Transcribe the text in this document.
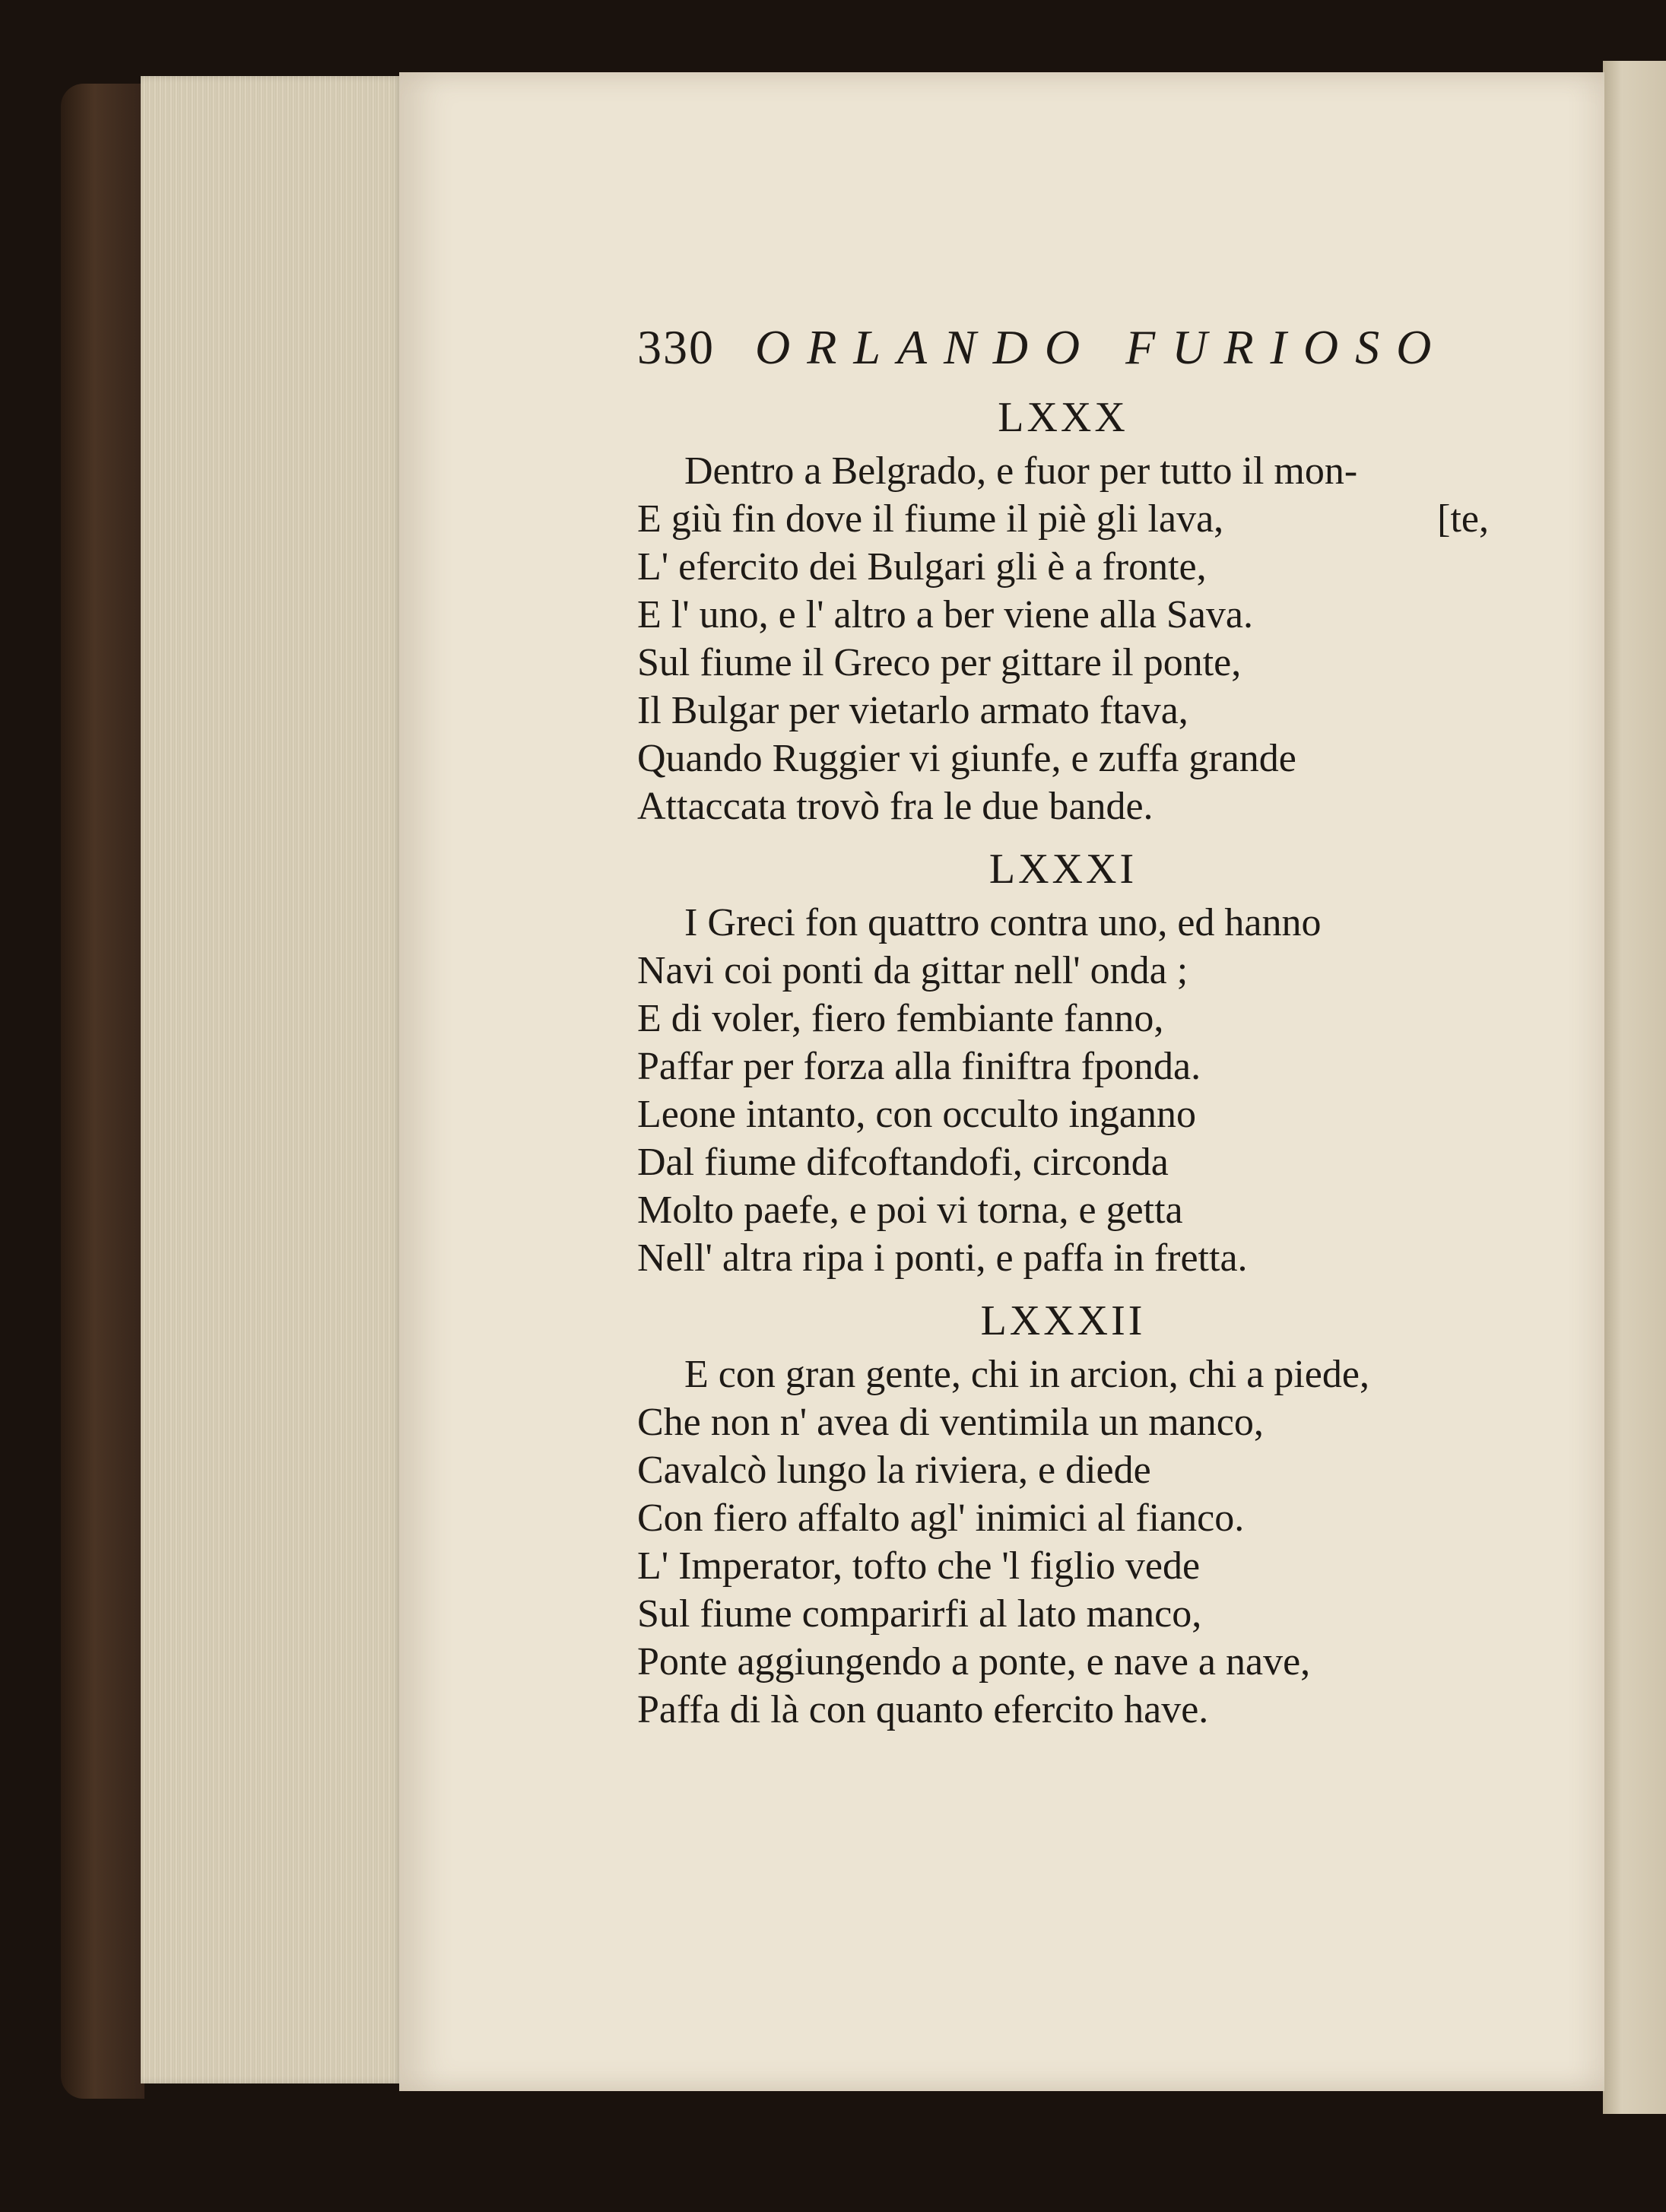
330 ORLANDO FURIOSO
LXXX
Dentro a Belgrado, e fuor per tutto il mon-
E giù fin dove il fiume il piè gli lava,	[te,
L' efercito dei Bulgari gli è a fronte,
E l' uno, e l' altro a ber viene alla Sava.
Sul fiume il Greco per gittare il ponte,
Il Bulgar per vietarlo armato ftava,
Quando Ruggier vi giunfe, e zuffa grande
Attaccata trovò fra le due bande.
LXXXI
I Greci fon quattro contra uno, ed hanno
Navi coi ponti da gittar nell' onda ;
E di voler, fiero fembiante fanno,
Paffar per forza alla finiftra fponda.
Leone intanto, con occulto inganno
Dal fiume difcoftandofi, circonda
Molto paefe, e poi vi torna, e getta
Nell' altra ripa i ponti, e paffa in fretta.
LXXXII
E con gran gente, chi in arcion, chi a piede,
Che non n' avea di ventimila un manco,
Cavalcò lungo la riviera, e diede
Con fiero affalto agl' inimici al fianco.
L' Imperator, tofto che 'l figlio vede
Sul fiume comparirfi al lato manco,
Ponte aggiungendo a ponte, e nave a nave,
Paffa di là con quanto efercito have.
